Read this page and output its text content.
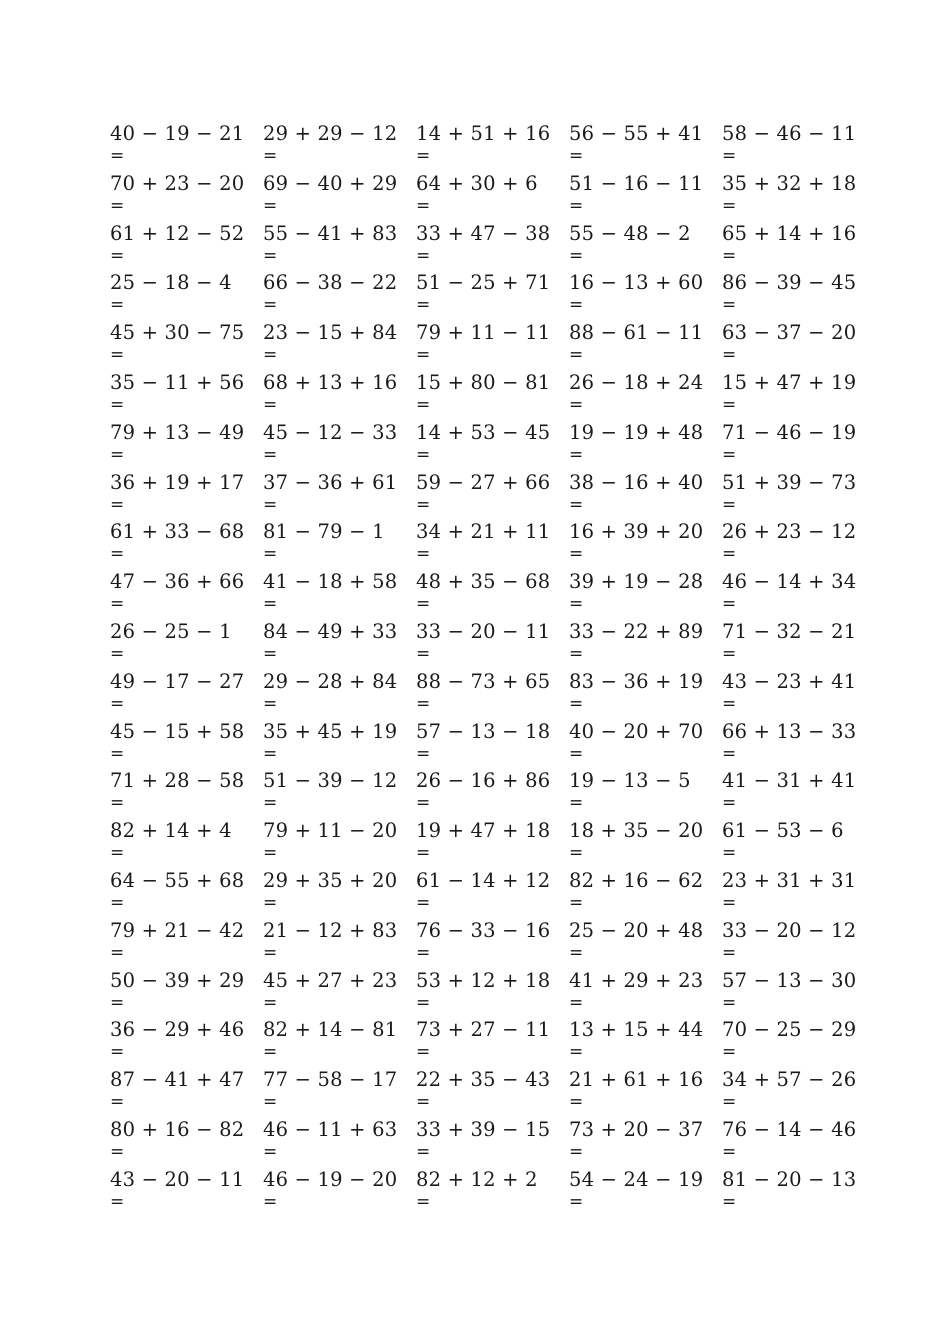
40 − 19 − 21
=
29 + 29 − 12
=
14 + 51 + 16
=
56 − 55 + 41
=
58 − 46 − 11
=
70 + 23 − 20
=
69 − 40 + 29
=
64 + 30 + 6
=
51 − 16 − 11
=
35 + 32 + 18
=
61 + 12 − 52
=
55 − 41 + 83
=
33 + 47 − 38
=
55 − 48 − 2
=
65 + 14 + 16
=
25 − 18 − 4
=
66 − 38 − 22
=
51 − 25 + 71
=
16 − 13 + 60
=
86 − 39 − 45
=
45 + 30 − 75
=
23 − 15 + 84
=
79 + 11 − 11
=
88 − 61 − 11
=
63 − 37 − 20
=
35 − 11 + 56
=
68 + 13 + 16
=
15 + 80 − 81
=
26 − 18 + 24
=
15 + 47 + 19
=
79 + 13 − 49
=
45 − 12 − 33
=
14 + 53 − 45
=
19 − 19 + 48
=
71 − 46 − 19
=
36 + 19 + 17
=
37 − 36 + 61
=
59 − 27 + 66
=
38 − 16 + 40
=
51 + 39 − 73
=
61 + 33 − 68
=
81 − 79 − 1
=
34 + 21 + 11
=
16 + 39 + 20
=
26 + 23 − 12
=
47 − 36 + 66
=
41 − 18 + 58
=
48 + 35 − 68
=
39 + 19 − 28
=
46 − 14 + 34
=
26 − 25 − 1
=
84 − 49 + 33
=
33 − 20 − 11
=
33 − 22 + 89
=
71 − 32 − 21
=
49 − 17 − 27
=
29 − 28 + 84
=
88 − 73 + 65
=
83 − 36 + 19
=
43 − 23 + 41
=
45 − 15 + 58
=
35 + 45 + 19
=
57 − 13 − 18
=
40 − 20 + 70
=
66 + 13 − 33
=
71 + 28 − 58
=
51 − 39 − 12
=
26 − 16 + 86
=
19 − 13 − 5
=
41 − 31 + 41
=
82 + 14 + 4
=
79 + 11 − 20
=
19 + 47 + 18
=
18 + 35 − 20
=
61 − 53 − 6
=
64 − 55 + 68
=
29 + 35 + 20
=
61 − 14 + 12
=
82 + 16 − 62
=
23 + 31 + 31
=
79 + 21 − 42
=
21 − 12 + 83
=
76 − 33 − 16
=
25 − 20 + 48
=
33 − 20 − 12
=
50 − 39 + 29
=
45 + 27 + 23
=
53 + 12 + 18
=
41 + 29 + 23
=
57 − 13 − 30
=
36 − 29 + 46
=
82 + 14 − 81
=
73 + 27 − 11
=
13 + 15 + 44
=
70 − 25 − 29
=
87 − 41 + 47
=
77 − 58 − 17
=
22 + 35 − 43
=
21 + 61 + 16
=
34 + 57 − 26
=
80 + 16 − 82
=
46 − 11 + 63
=
33 + 39 − 15
=
73 + 20 − 37
=
76 − 14 − 46
=
43 − 20 − 11
=
46 − 19 − 20
=
82 + 12 + 2
=
54 − 24 − 19
=
81 − 20 − 13
=
